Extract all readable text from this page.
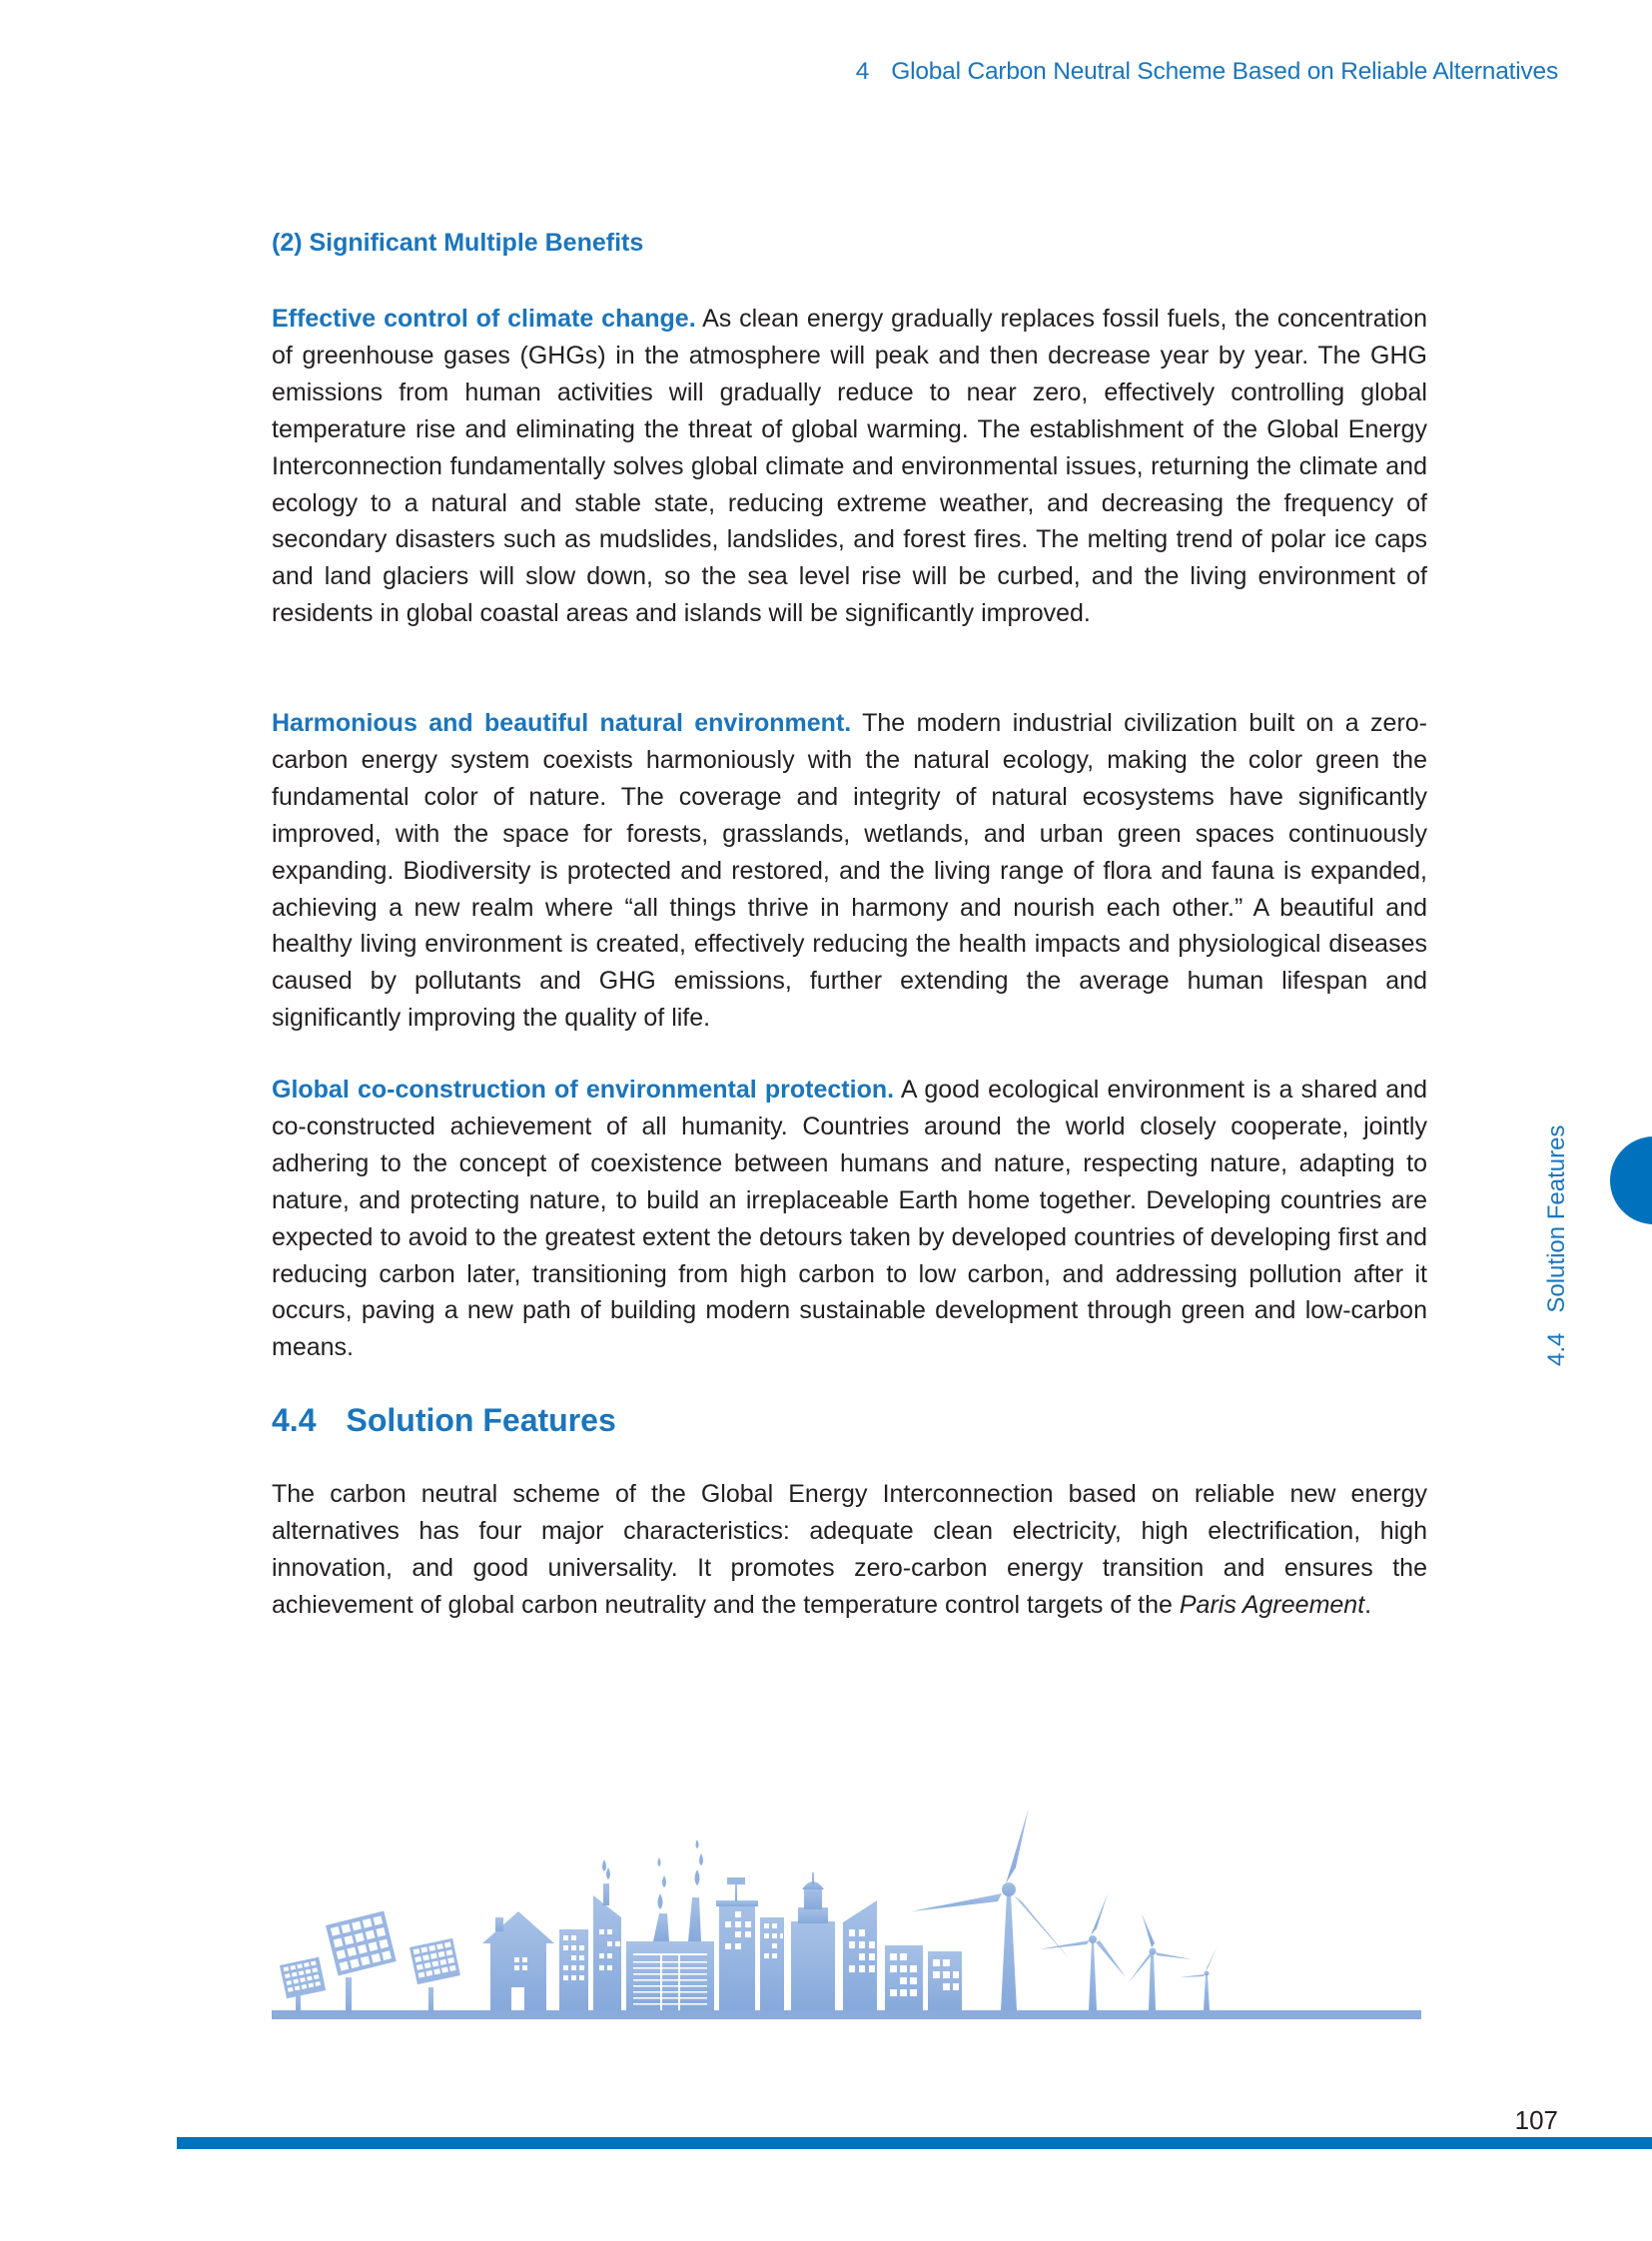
4 Global Carbon Neutral Scheme Based on Reliable Alternatives
(2) Significant Multiple Benefits

Effective control of climate change. As clean energy gradually replaces fossil fuels, the concentration of greenhouse gases (GHGs) in the atmosphere will peak and then decrease year by year. The GHG emissions from human activities will gradually reduce to near zero, effectively controlling global temperature rise and eliminating the threat of global warming. The establishment of the Global Energy Interconnection fundamentally solves global climate and environmental issues, returning the climate and ecology to a natural and stable state, reducing extreme weather, and decreasing the frequency of secondary disasters such as mudslides, landslides, and forest fires. The melting trend of polar ice caps and land glaciers will slow down, so the sea level rise will be curbed, and the living environment of residents in global coastal areas and islands will be significantly improved.

Harmonious and beautiful natural environment. The modern industrial civilization built on a zero-carbon energy system coexists harmoniously with the natural ecology, making the color green the fundamental color of nature. The coverage and integrity of natural ecosystems have significantly improved, with the space for forests, grasslands, wetlands, and urban green spaces continuously expanding. Biodiversity is protected and restored, and the living range of flora and fauna is expanded, achieving a new realm where “all things thrive in harmony and nourish each other.” A beautiful and healthy living environment is created, effectively reducing the health impacts and physiological diseases caused by pollutants and GHG emissions, further extending the average human lifespan and significantly improving the quality of life.

Global co-construction of environmental protection. A good ecological environment is a shared and co-constructed achievement of all humanity. Countries around the world closely cooperate, jointly adhering to the concept of coexistence between humans and nature, respecting nature, adapting to nature, and protecting nature, to build an irreplaceable Earth home together. Developing countries are expected to avoid to the greatest extent the detours taken by developed countries of developing first and reducing carbon later, transitioning from high carbon to low carbon, and addressing pollution after it occurs, paving a new path of building modern sustainable development through green and low-carbon means.

4.4 Solution Features

The carbon neutral scheme of the Global Energy Interconnection based on reliable new energy alternatives has four major characteristics: adequate clean electricity, high electrification, high innovation, and good universality. It promotes zero-carbon energy transition and ensures the achievement of global carbon neutrality and the temperature control targets of the Paris Agreement.

4.4Solution Features
107
